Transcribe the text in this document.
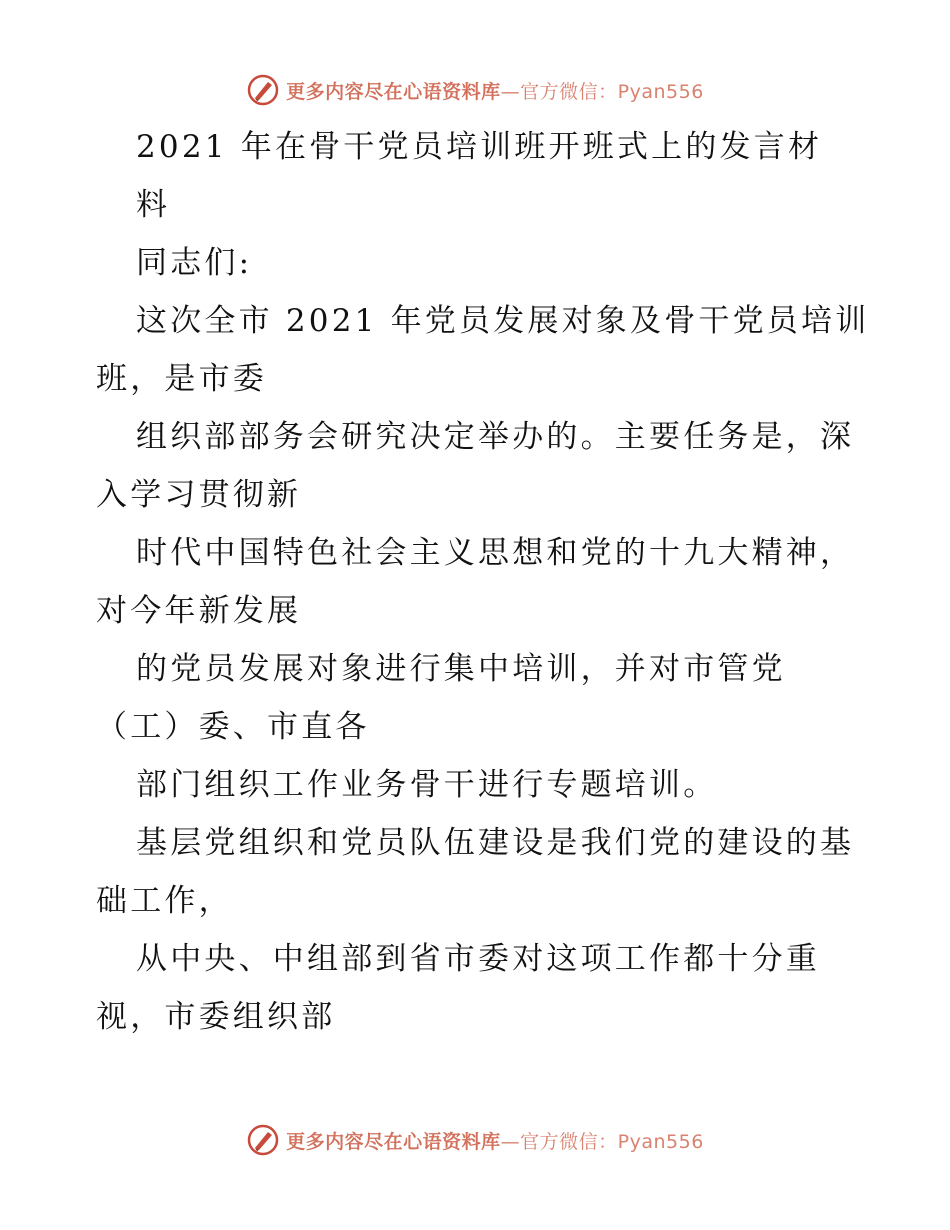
更多内容尽在心语资料库—官方微信：Pyan556
2021 年在骨干党员培训班开班式上的发言材
料
同志们:
这次全市 2021 年党员发展对象及骨干党员培训
班，是市委
组织部部务会研究决定举办的。主要任务是，深
入学习贯彻新
时代中国特色社会主义思想和党的十九大精神，
对今年新发展
的党员发展对象进行集中培训，并对市管党
（工）委、市直各
部门组织工作业务骨干进行专题培训。
基层党组织和党员队伍建设是我们党的建设的基
础工作，
从中央、中组部到省市委对这项工作都十分重
视，市委组织部
更多内容尽在心语资料库—官方微信：Pyan556
